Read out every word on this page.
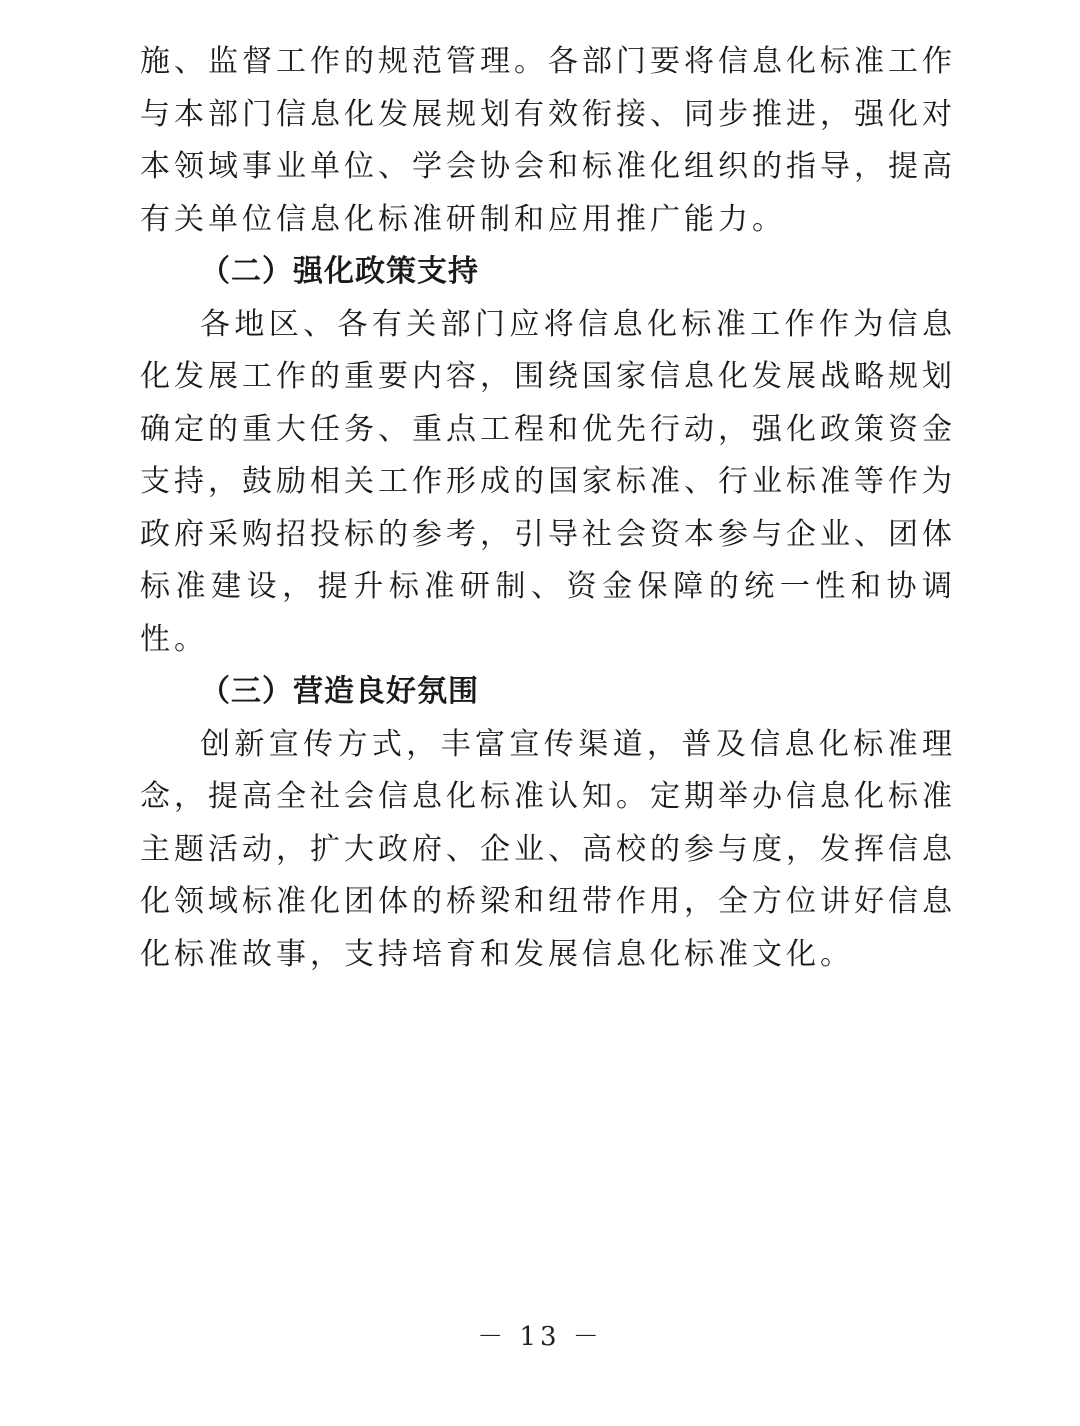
施、监督工作的规范管理。各部门要将信息化标准工作与本部门信息化发展规划有效衔接、同步推进，强化对本领域事业单位、学会协会和标准化组织的指导，提高有关单位信息化标准研制和应用推广能力。

（二）强化政策支持

各地区、各有关部门应将信息化标准工作作为信息化发展工作的重要内容，围绕国家信息化发展战略规划确定的重大任务、重点工程和优先行动，强化政策资金支持，鼓励相关工作形成的国家标准、行业标准等作为政府采购招投标的参考，引导社会资本参与企业、团体标准建设，提升标准研制、资金保障的统一性和协调性。

（三）营造良好氛围

创新宣传方式，丰富宣传渠道，普及信息化标准理念，提高全社会信息化标准认知。定期举办信息化标准主题活动，扩大政府、企业、高校的参与度，发挥信息化领域标准化团体的桥梁和纽带作用，全方位讲好信息化标准故事，支持培育和发展信息化标准文化。

－ 13 －
